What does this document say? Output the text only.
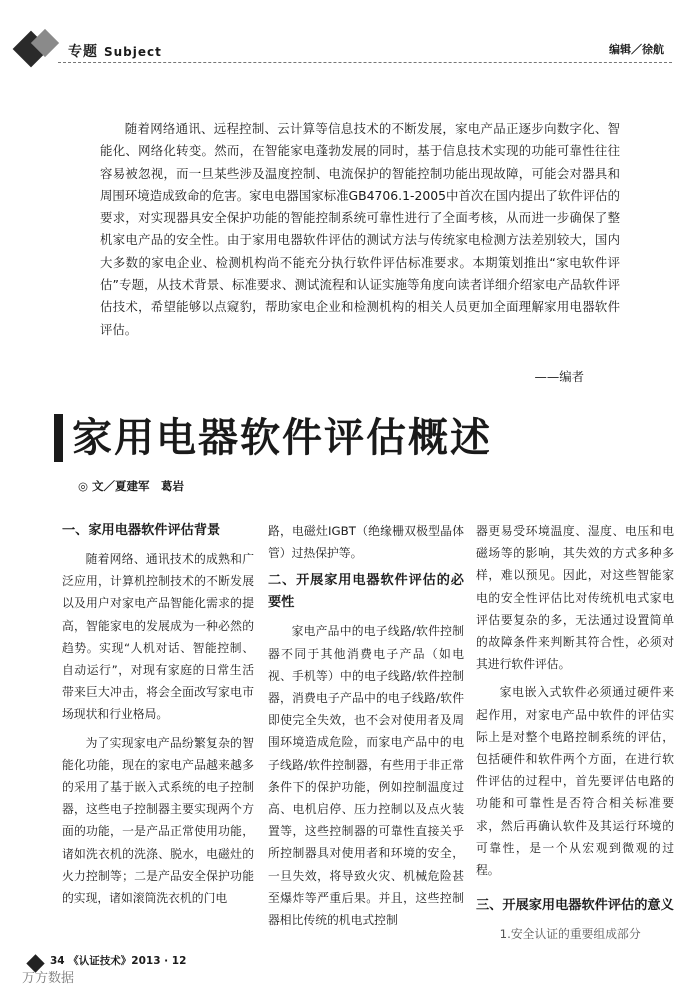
专题 Subject	编辑／徐航

随着网络通讯、远程控制、云计算等信息技术的不断发展，家电产品正逐步向数字化、智能化、网络化转变。然而，在智能家电蓬勃发展的同时，基于信息技术实现的功能可靠性往往容易被忽视，而一旦某些涉及温度控制、电流保护的智能控制功能出现故障，可能会对器具和周围环境造成致命的危害。家电电器国家标准GB4706.1-2005中首次在国内提出了软件评估的要求，对实现器具安全保护功能的智能控制系统可靠性进行了全面考核，从而进一步确保了整机家电产品的安全性。由于家用电器软件评估的测试方法与传统家电检测方法差别较大，国内大多数的家电企业、检测机构尚不能充分执行软件评估标准要求。本期策划推出“家电软件评估”专题，从技术背景、标准要求、测试流程和认证实施等角度向读者详细介绍家电产品软件评估技术，希望能够以点窥豹，帮助家电企业和检测机构的相关人员更加全面理解家用电器软件评估。

——编者
家用电器软件评估概述
◎ 文／夏建军　葛岩
一、家用电器软件评估背景

随着网络、通讯技术的成熟和广泛应用，计算机控制技术的不断发展以及用户对家电产品智能化需求的提高，智能家电的发展成为一种必然的趋势。实现“人机对话、智能控制、自动运行”，对现有家庭的日常生活带来巨大冲击，将会全面改写家电市场现状和行业格局。

为了实现家电产品纷繁复杂的智能化功能，现在的家电产品越来越多的采用了基于嵌入式系统的电子控制器，这些电子控制器主要实现两个方面的功能，一是产品正常使用功能，诸如洗衣机的洗涤、脱水，电磁灶的火力控制等；二是产品安全保护功能的实现，诸如滚筒洗衣机的门电

路，电磁灶IGBT（绝缘栅双极型晶体管）过热保护等。

二、开展家用电器软件评估的必要性

家电产品中的电子线路/软件控制器不同于其他消费电子产品（如电视、手机等）中的电子线路/软件控制器，消费电子产品中的电子线路/软件即使完全失效，也不会对使用者及周围环境造成危险，而家电产品中的电子线路/软件控制器，有些用于非正常条件下的保护功能，例如控制温度过高、电机启停、压力控制以及点火装置等，这些控制器的可靠性直接关乎所控制器具对使用者和环境的安全，一旦失效，将导致火灾、机械危险甚至爆炸等严重后果。并且，这些控制器相比传统的机电式控制

器更易受环境温度、湿度、电压和电磁场等的影响，其失效的方式多种多样，难以预见。因此，对这些智能家电的安全性评估比对传统机电式家电评估要复杂的多，无法通过设置简单的故障条件来判断其符合性，必须对其进行软件评估。

家电嵌入式软件必须通过硬件来起作用，对家电产品中软件的评估实际上是对整个电路控制系统的评估，包括硬件和软件两个方面，在进行软件评估的过程中，首先要评估电路的功能和可靠性是否符合相关标准要求，然后再确认软件及其运行环境的可靠性，是一个从宏观到微观的过程。

三、开展家用电器软件评估的意义

1.安全认证的重要组成部分

34 《认证技术》2013 · 12
万方数据
